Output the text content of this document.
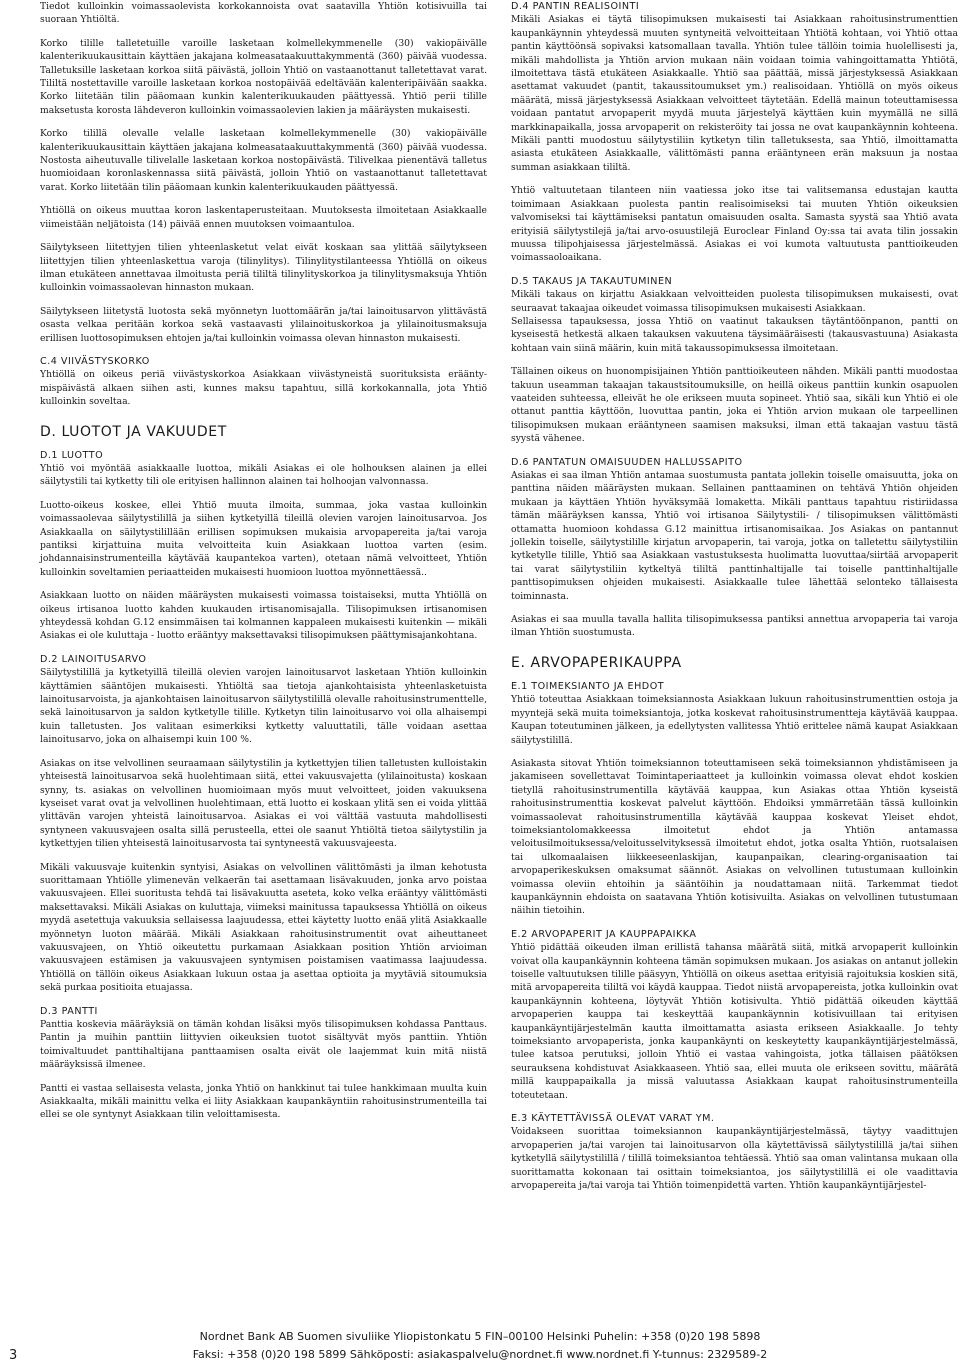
Tiedot kulloinkin voimassaolevista korkokannoista ovat saatavilla Yhtiön kotisivuilla tai suoraan Yhtiöltä.

Korko tilille talletetuille varoille lasketaan kolmellekymmenelle (30) vakiopäivälle kalenterikuukausittain käyttäen jakajana kolmeasataakuuttakymmentä (360) päivää vuodessa. Talletuksille lasketaan korkoa siitä päivästä, jolloin Yhtiö on vastaanottanut talletettavat varat. Tililtä nostettaville varoille lasketaan korkoa nostopäivää edeltävään kalenteripäivään saakka. Korko liitetään tilin pääomaan kunkin kalenterikuukauden päättyessä. Yhtiö perii tilille maksetusta korosta lähdeveron kulloinkin voimassaolevien lakien ja määräysten mukaisesti.

Korko tilillä olevalle velalle lasketaan kolmellekymmenelle (30) vakiopäivälle kalenterikuukausittain käyttäen jakajana kolmeasataakuuttakymmentä (360) päivää vuodessa. Nostosta aiheutuvalle tilivelalle lasketaan korkoa nostopäivästä. Tilivelkaa pienentävä talletus huomioidaan koronlaskennassa siitä päivästä, jolloin Yhtiö on vastaanottanut talletettavat varat. Korko liitetään tilin pääomaan kunkin kalenterikuukauden päättyessä.

Yhtiöllä on oikeus muuttaa koron laskentaperusteitaan. Muutoksesta ilmoitetaan Asiakkaalle viimeistään neljätoista (14) päivää ennen muutoksen voimaantuloa.

Säilytykseen liitettyjen tilien yhteenlasketut velat eivät koskaan saa ylittää säilytykseen liitettyjen tilien yhteenlaskettua varoja (tilinylitys). Tilinylitystilanteessa Yhtiöllä on oikeus ilman etukäteen annettavaa ilmoitusta periä tililtä tilinylityskorkoa ja tilinylitysmaksuja Yhtiön kulloinkin voimassaolevan hinnaston mukaan.

Säilytykseen liitetystä luotosta sekä myönnetyn luottomäärän ja/tai lainoitusarvon ylittävästä osasta velkaa peritään korkoa sekä vastaavasti ylilainoituskorkoa ja ylilainoitusmaksuja erillisen luottosopimuksen ehtojen ja/tai kulloinkin voimassa olevan hinnaston mukaisesti.

C.4 VIIVÄSTYSKORKO

Yhtiöllä on oikeus periä viivästyskorkoa Asiakkaan viivästyneistä suorituksista erääntymispäivästä alkaen siihen asti, kunnes maksu tapahtuu, sillä korkokannalla, jota Yhtiö kulloinkin soveltaa.

D. LUOTOT JA VAKUUDET
D.1 LUOTTO

Yhtiö voi myöntää asiakkaalle luottoa, mikäli Asiakas ei ole holhouksen alainen ja ellei säilytystili tai kytketty tili ole erityisen hallinnon alainen tai holhoojan valvonnassa.

Luotto-oikeus koskee, ellei Yhtiö muuta ilmoita, summaa, joka vastaa kulloinkin voimassaolevaa säilytystilillä ja siihen kytketyillä tileillä olevien varojen lainoitusarvoa. Jos Asiakkaalla on säilytystilillään erillisen sopimuksen mukaisia arvopapereita ja/tai varoja pantiksi kirjattuina muita velvoitteita kuin Asiakkaan luottoa varten (esim. johdannaisinstrumenteilla käytävää kaupantekoa varten), otetaan nämä velvoitteet, Yhtiön kulloinkin soveltamien periaatteiden mukaisesti huomioon luottoa myönnettäessä..

Asiakkaan luotto on näiden määräysten mukaisesti voimassa toistaiseksi, mutta Yhtiöllä on oikeus irtisanoa luotto kahden kuukauden irtisanomisajalla. Tilisopimuksen irtisanomisen yhteydessä kohdan G.12 ensimmäisen tai kolmannen kappaleen mukaisesti kuitenkin — mikäli Asiakas ei ole kuluttaja - luotto erääntyy maksettavaksi tilisopimuksen päättymisajankohtana.

D.2 LAINOITUSARVO

Säilytystilillä ja kytketyillä tileillä olevien varojen lainoitusarvot lasketaan Yhtiön kulloinkin käyttämien sääntöjen mukaisesti. Yhtiöltä saa tietoja ajankohtaisista yhteenlasketuista lainoitusarvoista, ja ajankohtaisen lainoitusarvon säilytystilillä olevalle rahoitusinstrumenttelle, sekä lainoitusarvon ja saldon kytketylle tilille. Kytketyn tilin lainoitusarvo voi olla alhaisempi kuin talletusten. Jos valitaan esimerkiksi kytketty valuuttatili, tälle voidaan asettaa lainoitusarvo, joka on alhaisempi kuin 100 %.

Asiakas on itse velvollinen seuraamaan säilytystilin ja kytkettyjen tilien talletusten kulloistakin yhteisestä lainoitusarvoa sekä huolehtimaan siitä, ettei vakuusvajetta (ylilainoitusta) koskaan synny, ts. asiakas on velvollinen huomioimaan myös muut velvoitteet, joiden vakuuksena kyseiset varat ovat ja velvollinen huolehtimaan, että luotto ei koskaan ylitä sen ei voida ylittää ylittävän varojen yhteistä lainoitusarvoa. Asiakas ei voi välttää vastuuta mahdollisesti syntyneen vakuusvajeen osalta sillä perusteella, ettei ole saanut Yhtiöltä tietoa säilytystilin ja kytkettyjen tilien yhteisestä lainoitusarvosta tai syntyneestä vakuusvajeesta.

Mikäli vakuusvaje kuitenkin syntyisi, Asiakas on velvollinen välittömästi ja ilman kehotusta suorittamaan Yhtiölle ylimenevän velkaerän tai asettamaan lisävakuuden, jonka arvo poistaa vakuusvajeen. Ellei suoritusta tehdä tai lisävakuutta aseteta, koko velka erääntyy välittömästi maksettavaksi. Mikäli Asiakas on kuluttaja, viimeksi mainitussa tapauksessa Yhtiöllä on oikeus myydä asetettuja vakuuksia sellaisessa laajuudessa, ettei käytetty luotto enää ylitä Asiakkaalle myönnetyn luoton määrää. Mikäli Asiakkaan rahoitusinstrumentit ovat aiheuttaneet vakuusvajeen, on Yhtiö oikeutettu purkamaan Asiakkaan position Yhtiön arvioiman vakuusvajeen estämisen ja vakuusvajeen syntymisen poistamisen vaatimassa laajuudessa. Yhtiöllä on tällöin oikeus Asiakkaan lukuun ostaa ja asettaa optioita ja myytäviä sitoumuksia sekä purkaa positioita etuajassa.

D.3 PANTTI

Panttia koskevia määräyksiä on tämän kohdan lisäksi myös tilisopimuksen kohdassa Panttaus. Pantin ja muihin panttiin liittyvien oikeuksien tuotot sisältyvät myös panttiin. Yhtiön toimivaltuudet panttihaltijana panttaamisen osalta eivät ole laajemmat kuin mitä niistä määräyksissä ilmenee.

Pantti ei vastaa sellaisesta velasta, jonka Yhtiö on hankkinut tai tulee hankkimaan muulta kuin Asiakkaalta, mikäli mainittu velka ei liity Asiakkaan kaupankäyntiin rahoitusinstrumenteilla tai ellei se ole syntynyt Asiakkaan tilin veloittamisesta.

D.4 PANTIN REALISOINTI

Mikäli Asiakas ei täytä tilisopimuksen mukaisesti tai Asiakkaan rahoitusinstrumenttien kaupankäynnin yhteydessä muuten syntyneitä velvoitteitaan Yhtiötä kohtaan, voi Yhtiö ottaa pantin käyttöönsä sopivaksi katsomallaan tavalla. Yhtiön tulee tällöin toimia huolellisesti ja, mikäli mahdollista ja Yhtiön arvion mukaan näin voidaan toimia vahingoittamatta Yhtiötä, ilmoitettava tästä etukäteen Asiakkaalle. Yhtiö saa päättää, missä järjestyksessä Asiakkaan asettamat vakuudet (pantit, takaussitoumukset ym.) realisoidaan. Yhtiöllä on myös oikeus määrätä, missä järjestyksessä Asiakkaan velvoitteet täytetään. Edellä mainun toteuttamisessa voidaan pantatut arvopaperit myydä muuta järjestelyä käyttäen kuin myymällä ne sillä markkinapaikalla, jossa arvopaperit on rekisteröity tai jossa ne ovat kaupankäynnin kohteena. Mikäli pantti muodostuu säilytystiliin kytketyn tilin talletuksesta, saa Yhtiö, ilmoittamatta asiasta etukäteen Asiakkaalle, välittömästi panna erääntyneen erän maksuun ja nostaa summan asiakkaan tililtä.

Yhtiö valtuutetaan tilanteen niin vaatiessa joko itse tai valitsemansa edustajan kautta toimimaan Asiakkaan puolesta pantin realisoimiseksi tai muuten Yhtiön oikeuksien valvomiseksi tai käyttämiseksi pantatun omaisuuden osalta. Samasta syystä saa Yhtiö avata erityisiä säilytystilejä ja/tai arvo-osuustilejä Euroclear Finland Oy:ssa tai avata tilin jossakin muussa tilipohjaisessa järjestelmässä. Asiakas ei voi kumota valtuutusta panttioikeuden voimassaoloaikana.

D.5 TAKAUS JA TAKAUTUMINEN

Mikäli takaus on kirjattu Asiakkaan velvoitteiden puolesta tilisopimuksen mukaisesti, ovat seuraavat takaajaa oikeudet voimassa tilisopimuksen mukaisesti Asiakkaan.

Sellaisessa tapauksessa, jossa Yhtiö on vaatinut takauksen täytäntöönpanon, pantti on kyseisestä hetkestä alkaen takauksen vakuutena täysimääräisesti (takausvastuuna) Asiakasta kohtaan vain siinä määrin, kuin mitä takaussopimuksessa ilmoitetaan.

Tällainen oikeus on huonompisijainen Yhtiön panttioikeuteen nähden. Mikäli pantti muodostaa takuun useamman takaajan takaustsitoumuksille, on heillä oikeus panttiin kunkin osapuolen vaateiden suhteessa, elleivät he ole erikseen muuta sopineet. Yhtiö saa, sikäli kun Yhtiö ei ole ottanut panttia käyttöön, luovuttaa pantin, joka ei Yhtiön arvion mukaan ole tarpeellinen tilisopimuksen mukaan erääntyneen saamisen maksuksi, ilman että takaajan vastuu tästä syystä vähenee.

D.6 PANTATUN OMAISUUDEN HALLUSSAPITO

Asiakas ei saa ilman Yhtiön antamaa suostumusta pantata jollekin toiselle omaisuutta, joka on panttina näiden määräysten mukaan. Sellainen panttaaminen on tehtävä Yhtiön ohjeiden mukaan ja käyttäen Yhtiön hyväksymää lomaketta. Mikäli panttaus tapahtuu ristiriidassa tämän määräyksen kanssa, Yhtiö voi irtisanoa Säilytystili- / tilisopimuksen välittömästi ottamatta huomioon kohdassa G.12 mainittua irtisanomisaikaa. Jos Asiakas on pantannut jollekin toiselle, säilytystilille kirjatun arvopaperin, tai varoja, jotka on talletettu säilytystiliin kytketylle tilille, Yhtiö saa Asiakkaan vastustuksesta huolimatta luovuttaa/siirtää arvopaperit tai varat säilytystiliin kytkeltyä tililtä panttinhaltijalle tai toiselle panttinhaltijalle panttisopimuksen ohjeiden mukaisesti. Asiakkaalle tulee lähettää selonteko tällaisesta toiminnasta.

Asiakas ei saa muulla tavalla hallita tilisopimuksessa pantiksi annettua arvopaperia tai varoja ilman Yhtiön suostumusta.

E. ARVOPAPERIKAUPPA
E.1 TOIMEKSIANTO JA EHDOT

Yhtiö toteuttaa Asiakkaan toimeksiannosta Asiakkaan lukuun rahoitusinstrumenttien ostoja ja myyntejä sekä muita toimeksiantoja, jotka koskevat rahoitusinstrumentteja käytävää kauppaa. Kaupan toteutuminen jälkeen, ja edellytysten vallitessa Yhtiö erittelee nämä kaupat Asiakkaan säilytystilillä.

Asiakasta sitovat Yhtiön toimeksiannon toteuttamiseen sekä toimeksiannon yhdistämiseen ja jakamiseen sovellettavat Toimintaperiaatteet ja kulloinkin voimassa olevat ehdot koskien tietyllä rahoitusinstrumentilla käytävää kauppaa, kun Asiakas ottaa Yhtiön kyseistä rahoitusinstrumenttia koskevat palvelut käyttöön. Ehdoiksi ymmärretään tässä kulloinkin voimassaolevat rahoitusinstrumentilla käytävää kauppaa koskevat Yleiset ehdot, toimeksiantolomakkeessa ilmoitetut ehdot ja Yhtiön antamassa veloitusilmoituksessa/veloitusselvityksessä ilmoitetut ehdot, jotka osalta Yhtiön, ruotsalaisen tai ulkomaalaisen liikkeeseenlaskijan, kaupanpaikan, clearing-organisaation tai arvopaperikeskuksen omaksumat säännöt. Asiakas on velvollinen tutustumaan kulloinkin voimassa oleviin ehtoihin ja sääntöihin ja noudattamaan niitä. Tarkemmat tiedot kaupankäynnin ehdoista on saatavana Yhtiön kotisivuilta. Asiakas on velvollinen tutustumaan näihin tietoihin.

E.2 ARVOPAPERIT JA KAUPPAPAIKKA

Yhtiö pidättää oikeuden ilman erillistä tahansa määrätä siitä, mitkä arvopaperit kulloinkin voivat olla kaupankäynnin kohteena tämän sopimuksen mukaan. Jos asiakas on antanut jollekin toiselle valtuutuksen tilille pääsyyn, Yhtiöllä on oikeus asettaa erityisiä rajoituksia koskien sitä, mitä arvopapereita tililtä voi käydä kauppaa. Tiedot niistä arvopapereista, jotka kulloinkin ovat kaupankäynnin kohteena, löytyvät Yhtiön kotisivulta. Yhtiö pidättää oikeuden käyttää arvopaperien kauppa tai keskeyttää kaupankäynnin kotisivuillaan tai erityisen kaupankäyntijärjestelmän kautta ilmoittamatta asiasta erikseen Asiakkaalle. Jo tehty toimeksianto arvopaperista, jonka kaupankäynti on keskeytetty kaupankäyntijärjestelmässä, tulee katsoa perutuksi, jolloin Yhtiö ei vastaa vahingoista, jotka tällaisen päätöksen seurauksena kohdistuvat Asiakkaaseen. Yhtiö saa, ellei muuta ole erikseen sovittu, määrätä millä kauppapaikalla ja missä valuutassa Asiakkaan kaupat rahoitusinstrumenteilla toteutetaan.

E.3 KÄYTETTÄVISSÄ OLEVAT VARAT YM.

Voidakseen suorittaa toimeksiannon kaupankäyntijärjestelmässä, täytyy vaadittujen arvopaperien ja/tai varojen tai lainoitusarvon olla käytettävissä säilytystilillä ja/tai siihen kytketyllä säilytystilillä / tilillä toimeksiantoa tehtäessä. Yhtiö saa oman valintansa mukaan olla suorittamatta kokonaan tai osittain toimeksiantoa, jos säilytystilillä ei ole vaadittavia arvopapereita ja/tai varoja tai Yhtiön toimenpidettä varten. Yhtiön kaupankäyntijärjestel-

3
Nordnet Bank AB Suomen sivuliike Yliopistonkatu 5 FIN–00100 Helsinki Puhelin: +358 (0)20 198 5898
Faksi: +358 (0)20 198 5899 Sähköposti: asiakaspalvelu@nordnet.fi www.nordnet.fi Y-tunnus: 2329589-2
